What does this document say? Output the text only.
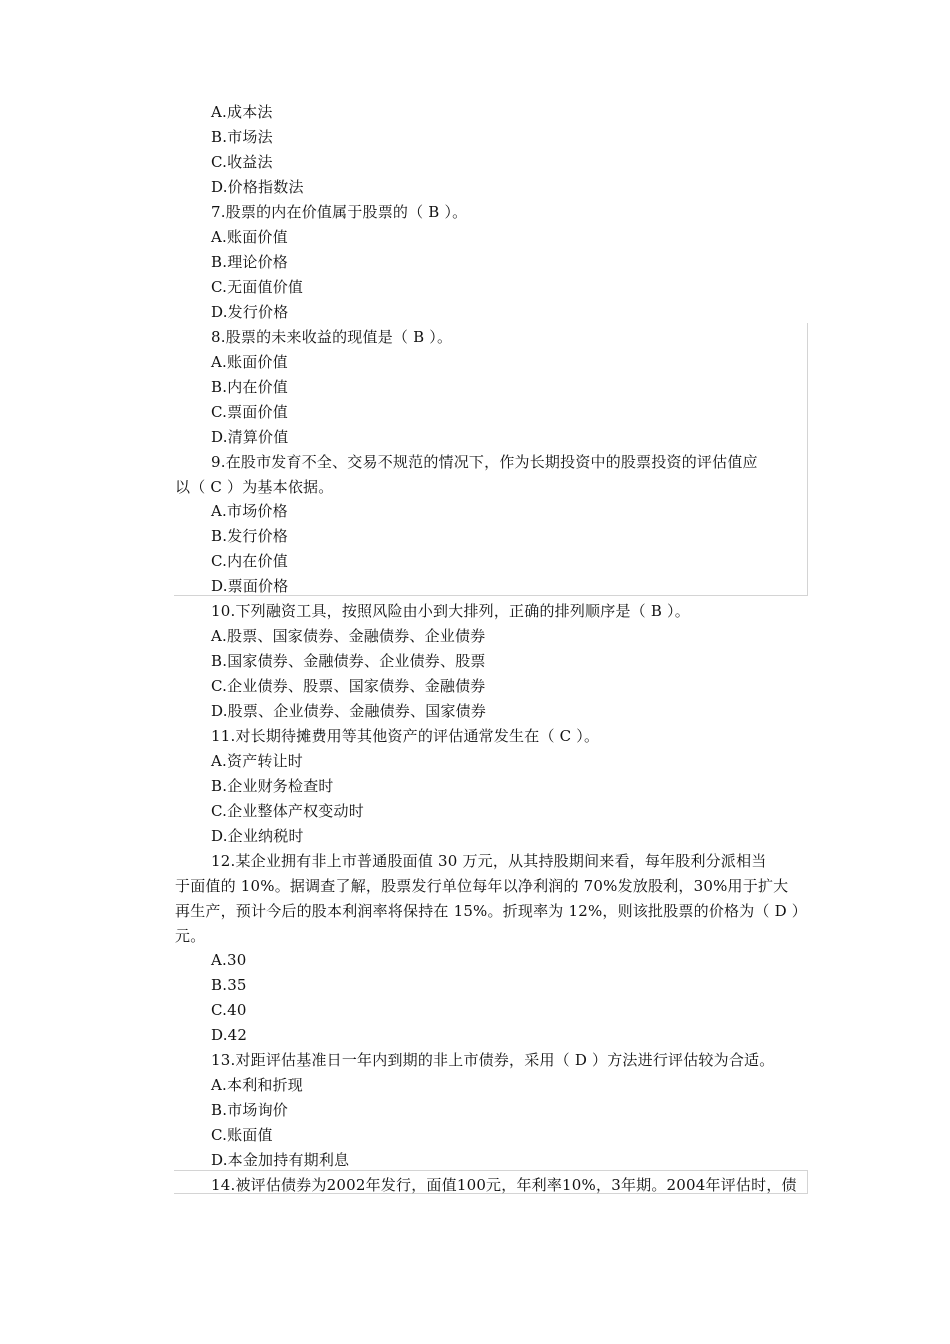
A.成本法
B.市场法
C.收益法
D.价格指数法
7.股票的内在价值属于股票的（ B ）。
A.账面价值
B.理论价格
C.无面值价值
D.发行价格
8.股票的未来收益的现值是（ B ）。
A.账面价值
B.内在价值
C.票面价值
D.清算价值
9.在股市发育不全、交易不规范的情况下，作为长期投资中的股票投资的评估值应
以（ C ）为基本依据。
A.市场价格
B.发行价格
C.内在价值
D.票面价格
10.下列融资工具，按照风险由小到大排列，正确的排列顺序是（ B ）。
A.股票、国家债券、金融债券、企业债券
B.国家债券、金融债券、企业债券、股票
C.企业债券、股票、国家债券、金融债券
D.股票、企业债券、金融债券、国家债券
11.对长期待摊费用等其他资产的评估通常发生在（ C ）。
A.资产转让时
B.企业财务检查时
C.企业整体产权变动时
D.企业纳税时
12.某企业拥有非上市普通股面值 30 万元，从其持股期间来看，每年股利分派相当
于面值的 10%。据调查了解，股票发行单位每年以净利润的 70%发放股利，30%用于扩大
再生产，预计今后的股本利润率将保持在 15%。折现率为 12%，则该批股票的价格为（ D ）
元。
A.30
B.35
C.40
D.42
13.对距评估基准日一年内到期的非上市债券，采用（ D ）方法进行评估较为合适。
A.本利和折现
B.市场询价
C.账面值
D.本金加持有期利息
14.被评估债券为2002年发行，面值100元，年利率10%，3年期。2004年评估时，债
